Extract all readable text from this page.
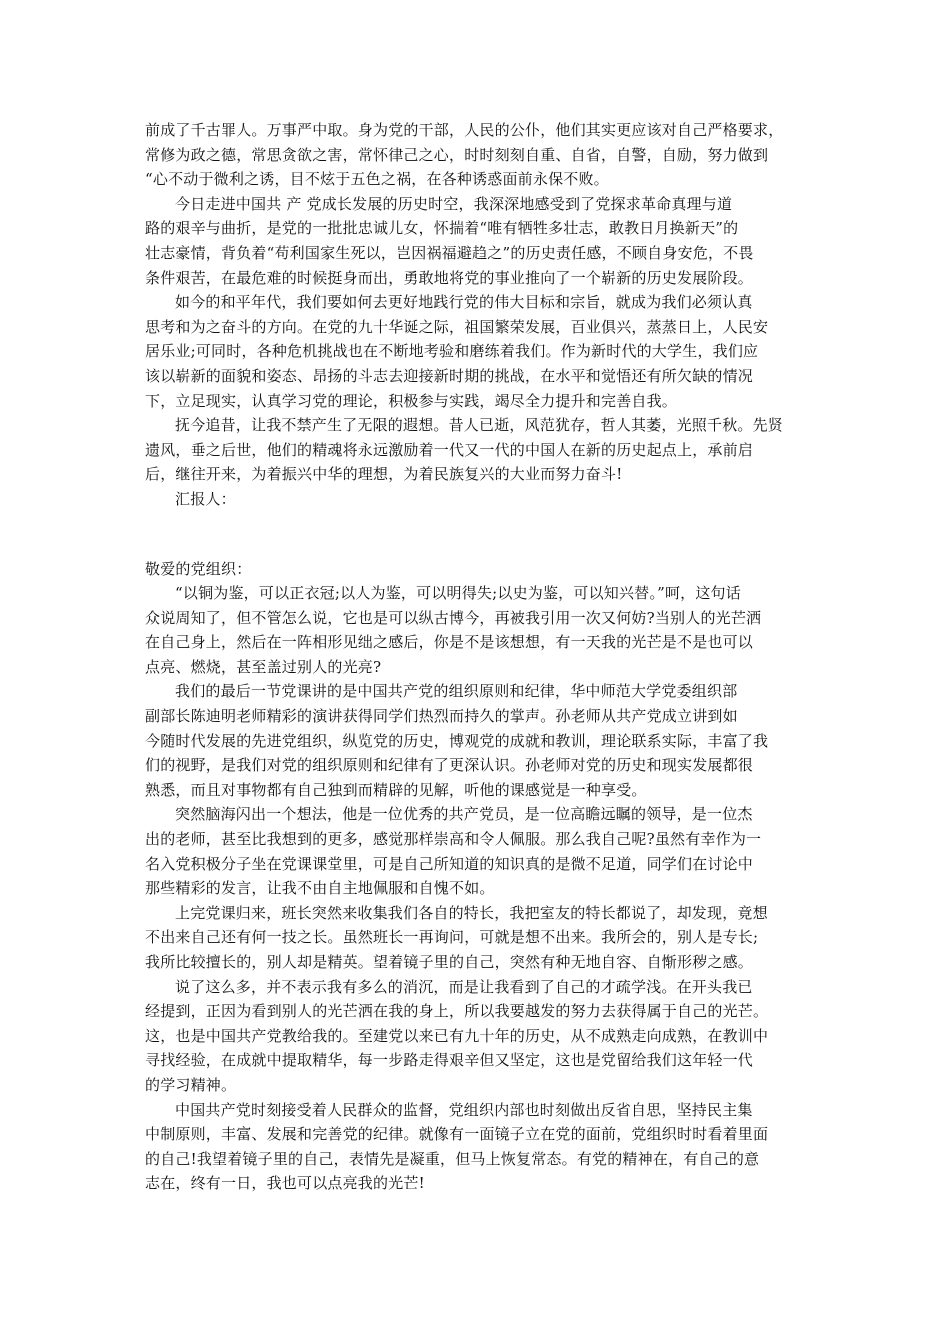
前成了千古罪人。万事严中取。身为党的干部，人民的公仆，他们其实更应该对自己严格要求，
常修为政之德，常思贪欲之害，常怀律己之心，时时刻刻自重、自省，自警，自励，努力做到
“心不动于微利之诱，目不炫于五色之祸，在各种诱惑面前永保不败。
今日走进中国共 产 党成长发展的历史时空，我深深地感受到了党探求革命真理与道
路的艰辛与曲折，是党的一批批忠诚儿女，怀揣着“唯有牺牲多壮志，敢教日月换新天”的
壮志豪情，背负着“苟利国家生死以，岂因祸福避趋之”的历史责任感，不顾自身安危，不畏
条件艰苦，在最危难的时候挺身而出，勇敢地将党的事业推向了一个崭新的历史发展阶段。
如今的和平年代，我们要如何去更好地践行党的伟大目标和宗旨，就成为我们必须认真
思考和为之奋斗的方向。在党的九十华诞之际，祖国繁荣发展，百业俱兴，蒸蒸日上，人民安
居乐业;可同时，各种危机挑战也在不断地考验和磨练着我们。作为新时代的大学生，我们应
该以崭新的面貌和姿态、昂扬的斗志去迎接新时期的挑战，在水平和觉悟还有所欠缺的情况
下，立足现实，认真学习党的理论，积极参与实践，竭尽全力提升和完善自我。
抚今追昔，让我不禁产生了无限的遐想。昔人已逝，风范犹存，哲人其萎，光照千秋。先贤
遗风，垂之后世，他们的精魂将永远激励着一代又一代的中国人在新的历史起点上，承前启
后，继往开来，为着振兴中华的理想，为着民族复兴的大业而努力奋斗!
汇报人：
敬爱的党组织：
“以铜为鉴，可以正衣冠;以人为鉴，可以明得失;以史为鉴，可以知兴替。”呵，这句话
众说周知了，但不管怎么说，它也是可以纵古博今，再被我引用一次又何妨?当别人的光芒洒
在自己身上，然后在一阵相形见绌之感后，你是不是该想想，有一天我的光芒是不是也可以
点亮、燃烧，甚至盖过别人的光亮?
我们的最后一节党课讲的是中国共产党的组织原则和纪律，华中师范大学党委组织部
副部长陈迪明老师精彩的演讲获得同学们热烈而持久的掌声。孙老师从共产党成立讲到如
今随时代发展的先进党组织，纵览党的历史，博观党的成就和教训，理论联系实际，丰富了我
们的视野，是我们对党的组织原则和纪律有了更深认识。孙老师对党的历史和现实发展都很
熟悉，而且对事物都有自己独到而精辟的见解，听他的课感觉是一种享受。
突然脑海闪出一个想法，他是一位优秀的共产党员，是一位高瞻远瞩的领导，是一位杰
出的老师，甚至比我想到的更多，感觉那样崇高和令人佩服。那么我自己呢?虽然有幸作为一
名入党积极分子坐在党课课堂里，可是自己所知道的知识真的是微不足道，同学们在讨论中
那些精彩的发言，让我不由自主地佩服和自愧不如。
上完党课归来，班长突然来收集我们各自的特长，我把室友的特长都说了，却发现，竟想
不出来自己还有何一技之长。虽然班长一再询问，可就是想不出来。我所会的，别人是专长;
我所比较擅长的，别人却是精英。望着镜子里的自己，突然有种无地自容、自惭形秽之感。
说了这么多，并不表示我有多么的消沉，而是让我看到了自己的才疏学浅。在开头我已
经提到，正因为看到别人的光芒洒在我的身上，所以我要越发的努力去获得属于自己的光芒。
这，也是中国共产党教给我的。至建党以来已有九十年的历史，从不成熟走向成熟，在教训中
寻找经验，在成就中提取精华，每一步路走得艰辛但又坚定，这也是党留给我们这年轻一代
的学习精神。
中国共产党时刻接受着人民群众的监督，党组织内部也时刻做出反省自思，坚持民主集
中制原则，丰富、发展和完善党的纪律。就像有一面镜子立在党的面前，党组织时时看着里面
的自己!我望着镜子里的自己，表情先是凝重，但马上恢复常态。有党的精神在，有自己的意
志在，终有一日，我也可以点亮我的光芒!
